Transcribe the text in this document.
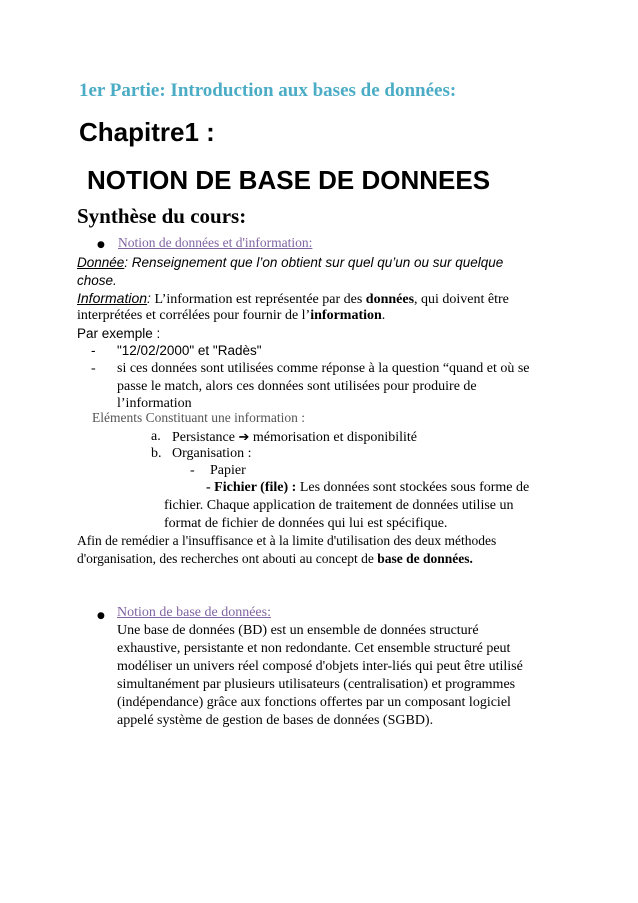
1er Partie: Introduction aux bases de données:
Chapitre1 :
NOTION DE BASE DE DONNEES
Synthèse du cours:
● Notion de données et d'information:
Donnée: Renseignement que l’on obtient sur quel qu’un ou sur quelque
chose.
Information: L’information est représentée par des données, qui doivent être
interprétées et corrélées pour fournir de l’information.
Par exemple :
- "12/02/2000" et "Radès"
- si ces données sont utilisées comme réponse à la question “quand et où se
passe le match, alors ces données sont utilisées pour produire de
l’information
Eléments Constituant une information :
a. Persistance ➔ mémorisation et disponibilité
b. Organisation :
- Papier
- Fichier (file) : Les données sont stockées sous forme de
fichier. Chaque application de traitement de données utilise un
format de fichier de données qui lui est spécifique.
Afin de remédier a l'insuffisance et à la limite d'utilisation des deux méthodes
d'organisation, des recherches ont abouti au concept de base de données.
● Notion de base de données:
Une base de données (BD) est un ensemble de données structuré
exhaustive, persistante et non redondante. Cet ensemble structuré peut
modéliser un univers réel composé d'objets inter-liés qui peut être utilisé
simultanément par plusieurs utilisateurs (centralisation) et programmes
(indépendance) grâce aux fonctions offertes par un composant logiciel
appelé système de gestion de bases de données (SGBD).
